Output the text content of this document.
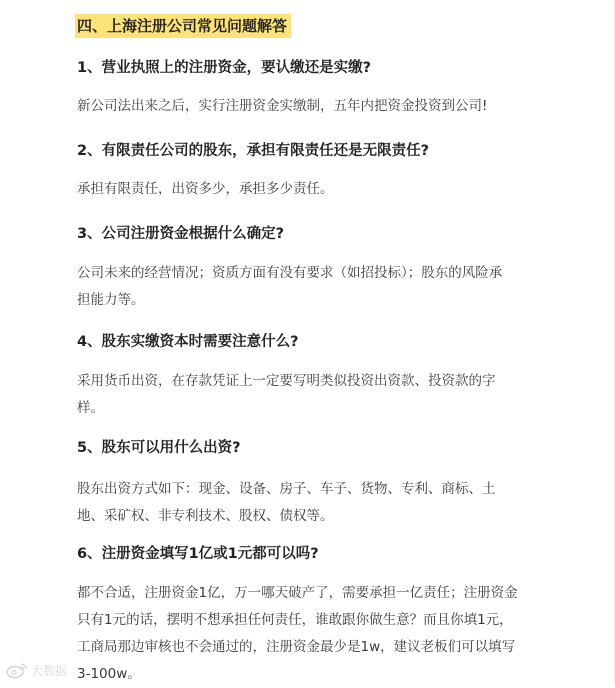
四、上海注册公司常见问题解答
1、营业执照上的注册资金，要认缴还是实缴?
新公司法出来之后，实行注册资金实缴制，五年内把资金投资到公司!
2、有限责任公司的股东，承担有限责任还是无限责任?
承担有限责任，出资多少，承担多少责任。
3、公司注册资金根据什么确定?
公司未来的经营情况；资质方面有没有要求（如招投标）；股东的风险承
担能力等。
4、股东实缴资本时需要注意什么?
采用货币出资，在存款凭证上一定要写明类似投资出资款、投资款的字
样。
5、股东可以用什么出资?
股东出资方式如下：现金、设备、房子、车子、货物、专利、商标、土
地、采矿权、非专利技术、股权、债权等。
6、注册资金填写1亿或1元都可以吗?
都不合适，注册资金1亿，万一哪天破产了，需要承担一亿责任；注册资金
只有1元的话，摆明不想承担任何责任，谁敢跟你做生意？而且你填1元，
工商局那边审核也不会通过的，注册资金最少是1w，建议老板们可以填写
3-100w。
大数据
